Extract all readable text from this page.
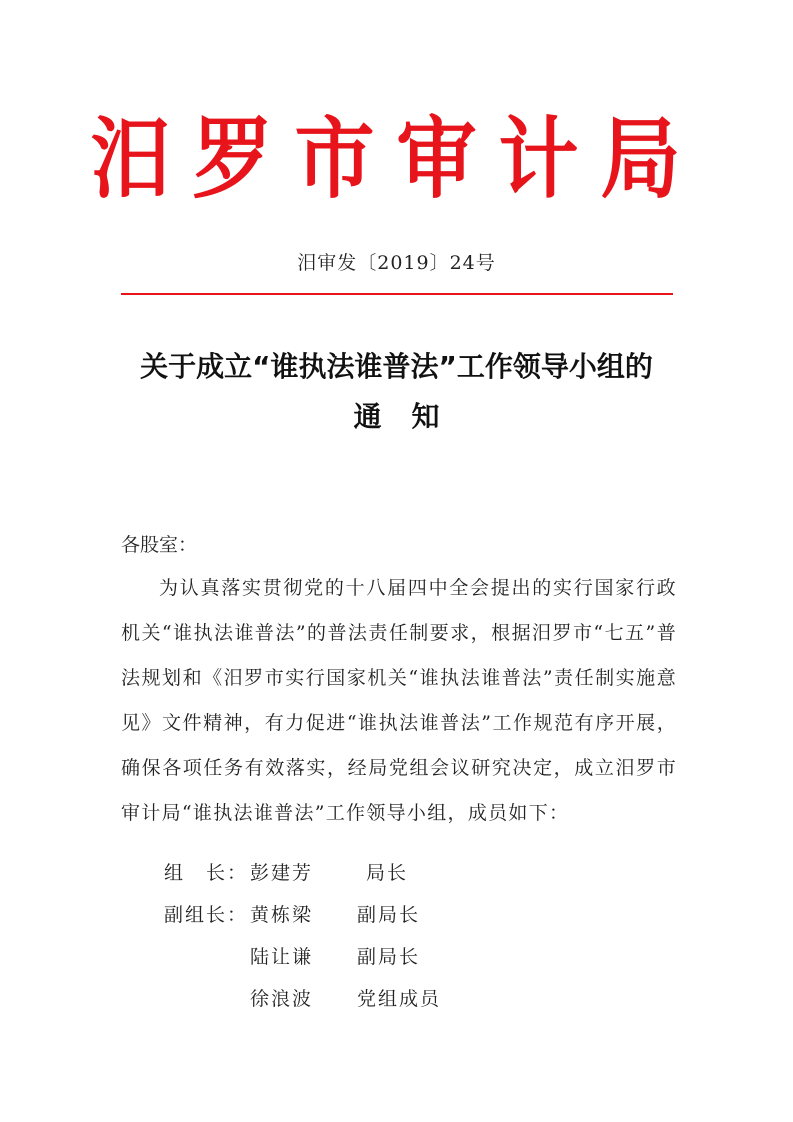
汨罗市审计局
汨审发〔2019〕24号
关于成立“谁执法谁普法”工作领导小组的
通知
各股室：
为认真落实贯彻党的十八届四中全会提出的实行国家行政机关“谁执法谁普法”的普法责任制要求，根据汨罗市“七五”普法规划和《汨罗市实行国家机关“谁执法谁普法”责任制实施意见》文件精神，有力促进“谁执法谁普法”工作规范有序开展，确保各项任务有效落实，经局党组会议研究决定，成立汨罗市审计局“谁执法谁普法”工作领导小组，成员如下：
组　长： 彭建芳	局长
副组长： 黄栋梁 副局长
陆让谦 副局长
徐浪波 党组成员
